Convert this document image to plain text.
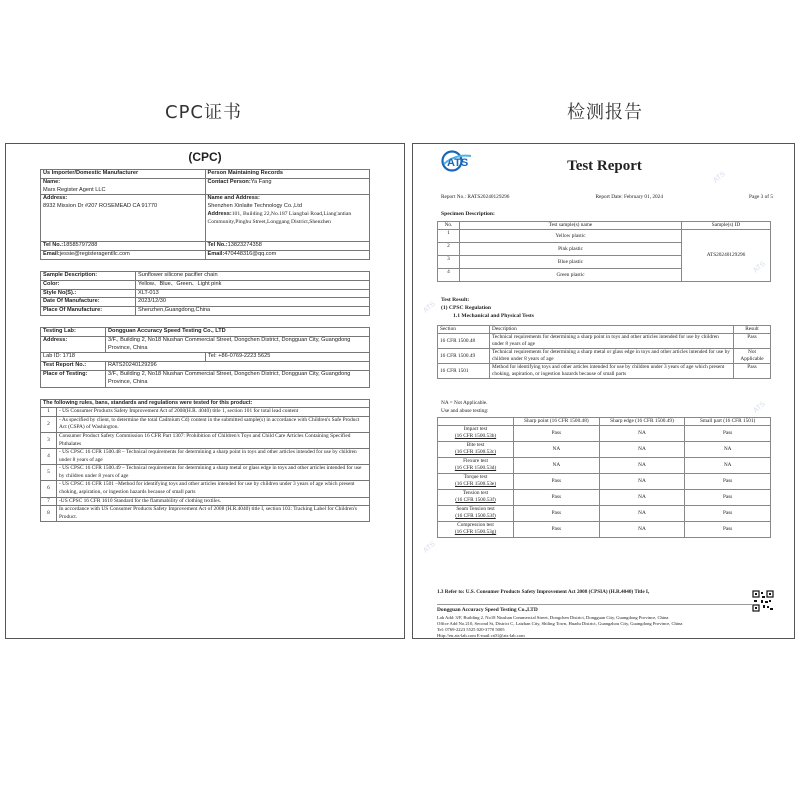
CPC证书	检测报告
(CPC)
Us Importer/Domestic Manufacturer	Person Maintaining Records
Name:
Mars Register Agent LLC	Contact Person:Ya Fang
Address:
8932 Mission Dr #207 ROSEMEAD CA 91770	Name and Address:
Shenzhen Xinlaite Technology Co.,Ltd
Address:101, Building 22,No.187 Liangbai Road,Liang'antian Community,Pinghu Street,Longgang District,Shenzhen
Tel No.:18585797288	Tel No.:13823274358
Email:jessie@registeragentllc.com	Email:470448316@qq.com
Sample Description:	Sunflower silicone pacifier chain
Color:	Yellow、Blue、Green、Light pink
Style No(S).:	XLT-013
Date Of Manufacture:	2023/12/30
Place Of Manufacture:	Shenzhen,Guangdong,China
Testing Lab:	Dongguan Accuracy Speed Testing Co., LTD	
Address:	3/F., Building 2, No18 Niushan Commercial Street, Dongchen District, Dongguan City, Guangdong Province, China	
Lab ID: 1718		Tel: +86-0769-2223 5625
Test Report No.:	RATS20240129296	
Place of Testing:	3/F., Building 2, No18 Niushan Commercial Street, Dongchen District, Dongguan City, Guangdong Province, China	
The following rules, bans, standards and regulations were tested for this product:	
1	- US Consumer Products Safety Improvement Act of 2008(H.R. 4040) title 1, section 101 for total lead content
2	- As specified by client, to determine the total Cadmium Cd) content in the submitted sample(s) in accordance with Children's Safe Product Act (CSPA) of Washington.
3	Consumer Product Safety Commission 16 CFR Part 1307: Prohibition of Children's Toys and Child Care Articles Containing Specified Phthalates
4	- US CPSC 16 CFR 1500.48 – Technical requirements for determining a sharp point in toys and other articles intended for use by children under 8 years of age
5	- US CPSC 16 CFR 1500.49 – Technical requirements for determining a sharp metal or glass edge in toys and other articles intended for use by children under 8 years of age
6	- US CPSC 16 CFR 1501 –Method for identifying toys and other articles intended for use by children under 3 years of age which present choking, aspiration, or ingestion hazards because of small parts
7	-US CPSC 16 CFR 1610 Standard for the flammability of clothing textiles.
8	In accordance with US Consumer Products Safety Improvement Act of 2008 (H.R.4040) title I, section 103: Tracking Label for Children's Product.
ATS
ATS
ATS
ATS
ATS
ATS	Test Report
Report No.: RATS20240129296	Report Date: February 01, 2024	Page 3 of 5
Specimen Description:
No.	Test sample(s) name	Sample(s) ID
1	Yellow plastic	ATS20240129296
2	Pink plastic	
3	Blue plastic	
4	Green plastic	
Test Result:
(1) CPSC Regulation
1.1 Mechanical and Physical Tests
Section	Description	Result
16 CFR 1500.48	Technical requirements for determining a sharp point in toys and other articles intended for use by children under 8 years of age	Pass
16 CFR 1500.49	Technical requirements for determining a sharp metal or glass edge in toys and other articles intended for use by children under 8 years of age	Not Applicable
16 CFR 1501	Method for identifying toys and other articles intended for use by children under 3 years of age which present choking, aspiration, or ingestion hazards because of small parts	Pass
NA = Not Applicable.
Use and abuse testing:
	Sharp point (16 CFR 1500.48)	Sharp edge (16 CFR 1500.49)	Small part (16 CFR 1501)

Impact test
(16 CFR 1500.53b)	Pass	NA	Pass

Bite test
(16 CFR 1500.53c)	NA	NA	NA

Flexure test
(16 CFR 1500.53d)	NA	NA	NA

Torque test
(16 CFR 1500.53e)	Pass	NA	Pass

Tension test
(16 CFR 1500.53f)	Pass	NA	Pass

Seam Tension test
(16 CFR 1500.53f)	Pass	NA	Pass

Compression test
(16 CFR 1500.53g)	Pass	NA	Pass
1.3 Refer to: U.S. Consumer Products Safety Improvement Act 2008 (CPSIA) (H.R.4040) Title I,
Dongguan Accuracy Speed Testing Co.,LTD
Lab Add: 3/F, Building 2, No18 Niushan Commercial Street, Dongchen District, Dongguan City, Guangdong Province, China
Office Add No.210, Second St, District C, Laizhan City, Shiling Town, Huadu District, Guangzhou City, Guangdong Province, China
Tel: 0769-2223 5525 020-3770 5005
Http://en.ats-lab.com E-mail:cs01@ats-lab.com
